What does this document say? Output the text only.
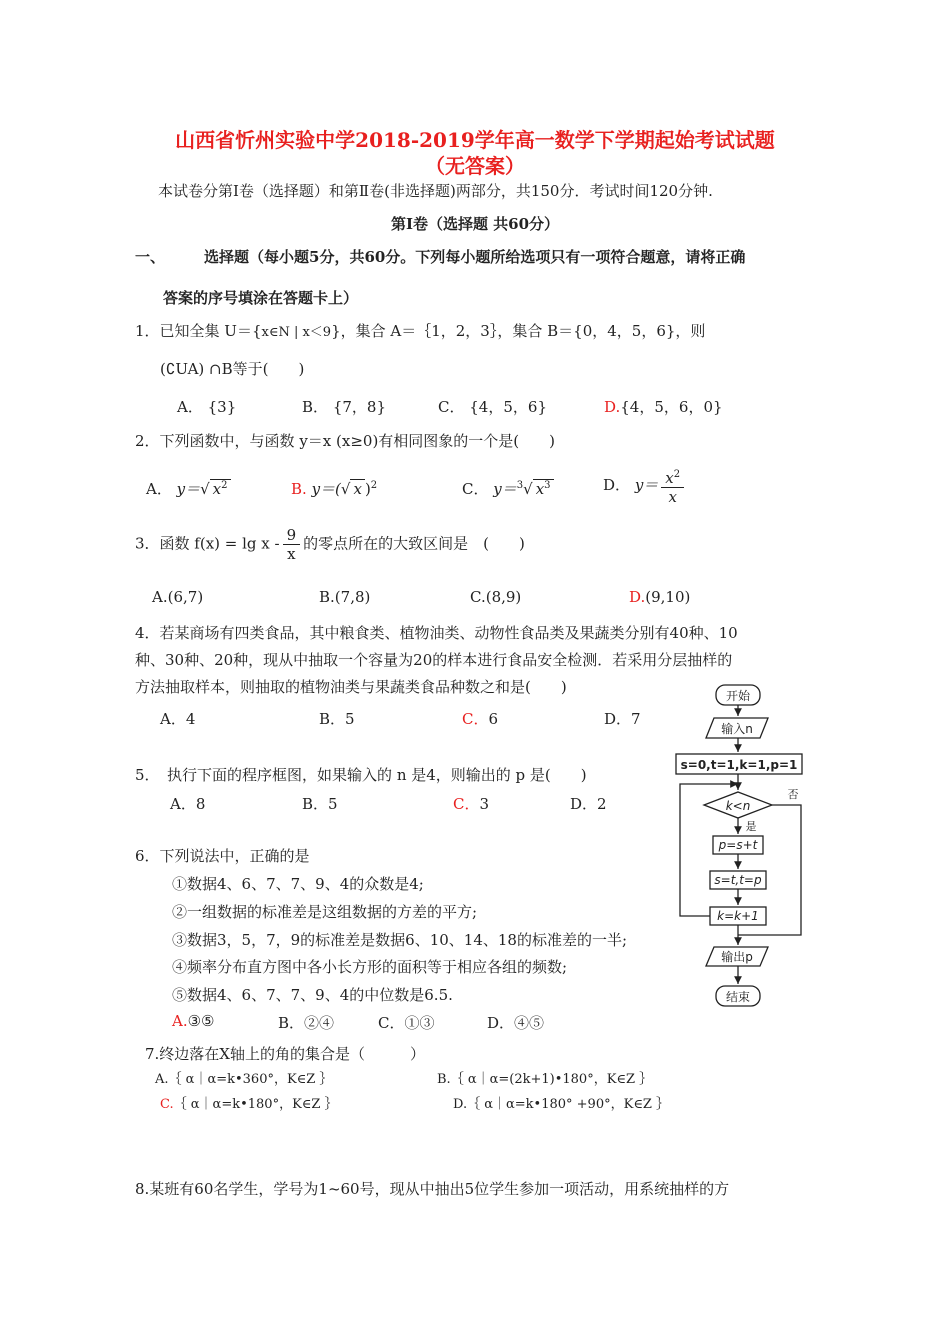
山西省忻州实验中学2018-2019学年高一数学下学期起始考试试题
（无答案）
本试卷分第Ⅰ卷（选择题）和第Ⅱ卷(非选择题)两部分，共150分．考试时间120分钟.
第Ⅰ卷（选择题 共60分）
一、	选择题（每小题5分，共60分。下列每小题所给选项只有一项符合题意，请将正确
答案的序号填涂在答题卡上）
1．已知全集 U＝{x∈N | x＜9}，集合 A＝｛1，2，3｝，集合 B＝{0，4，5，6}，则
(∁UA) ∩B等于(　　)
A． {3}	B． {7，8}	C． {4，5，6}	D.{4，5，6，0}
2．下列函数中，与函数 y＝x (x≥0)有相同图象的一个是(　　)
A． y＝√ $x^2$	B. y＝(√ x )$^2$	C． y＝$^3$√ $x^3$	D． $y= \frac{x^2}{x}$
3．函数 $f(x) = \lg x - \frac{9}{x}$ 的零点所在的大致区间是　(　　)
A.(6,7)	B.(7,8)	C.(8,9)	D.(9,10)
4．若某商场有四类食品，其中粮食类、植物油类、动物性食品类及果蔬类分别有40种、10
种、30种、20种，现从中抽取一个容量为20的样本进行食品安全检测．若采用分层抽样的
方法抽取样本，则抽取的植物油类与果蔬类食品种数之和是(　　)
A．4	B．5	C．6	D．7
5．　执行下面的程序框图，如果输入的 n 是4，则输出的 p 是(　　)
A．8	B．5	C．3	D．2
6．下列说法中，正确的是
①数据4、6、7、7、9、4的众数是4;
②一组数据的标准差是这组数据的方差的平方;
③数据3，5，7，9的标准差是数据6、10、14、18的标准差的一半;
④频率分布直方图中各小长方形的面积等于相应各组的频数;
⑤数据4、6、7、7、9、4的中位数是6.5.
A.③⑤	B．②④	C．①③	D．④⑤
7.终边落在X轴上的角的集合是（　　　）
A.｛ α｜α=k•360°，K∈Z ｝	B.｛ α｜α=(2k+1)•180°，K∈Z ｝
C.｛ α｜α=k•180°，K∈Z ｝	D.｛ α｜α=k•180° +90°，K∈Z ｝
8.某班有60名学生，学号为1~60号，现从中抽出5位学生参加一项活动，用系统抽样的方
开始
输入n
s=0,t=1,k=1,p=1
k<n
是
否
p=s+t
s=t,t=p
k=k+1
输出p
结束
